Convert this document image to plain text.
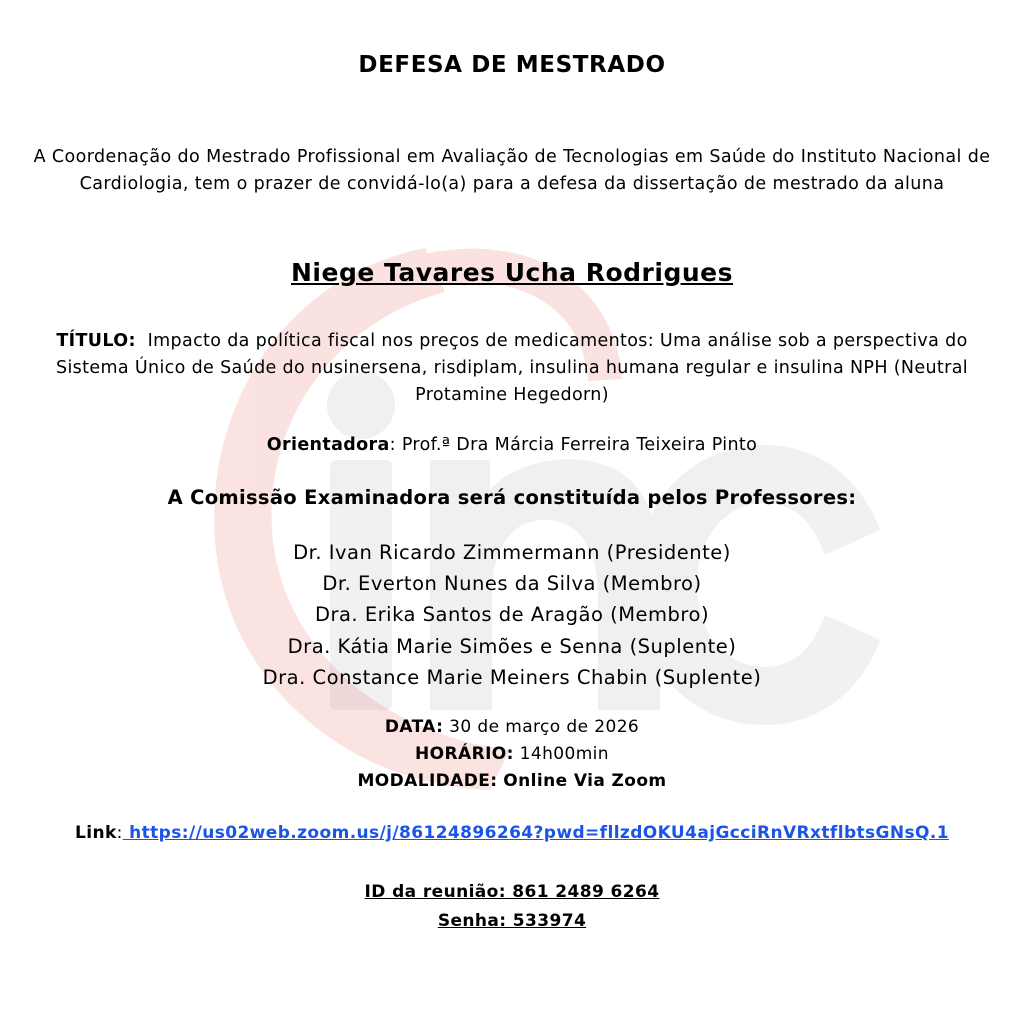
DEFESA DE MESTRADO
A Coordenação do Mestrado Profissional em Avaliação de Tecnologias em Saúde do Instituto Nacional de Cardiologia, tem o prazer de convidá-lo(a) para a defesa da dissertação de mestrado da aluna
Niege Tavares Ucha Rodrigues
TÍTULO: Impacto da política fiscal nos preços de medicamentos: Uma análise sob a perspectiva do Sistema Único de Saúde do nusinersena, risdiplam, insulina humana regular e insulina NPH (Neutral Protamine Hegedorn)
Orientadora: Prof.ª Dra Márcia Ferreira Teixeira Pinto
A Comissão Examinadora será constituída pelos Professores:
Dr. Ivan Ricardo Zimmermann (Presidente)
Dr. Everton Nunes da Silva (Membro)
Dra. Erika Santos de Aragão (Membro)
Dra. Kátia Marie Simões e Senna (Suplente)
Dra. Constance Marie Meiners Chabin (Suplente)
DATA: 30 de março de 2026
HORÁRIO: 14h00min
MODALIDADE: Online Via Zoom
Link: https://us02web.zoom.us/j/86124896264?pwd=fllzdOKU4ajGcciRnVRxtflbtsGNsQ.1
ID da reunião: 861 2489 6264
Senha: 533974
